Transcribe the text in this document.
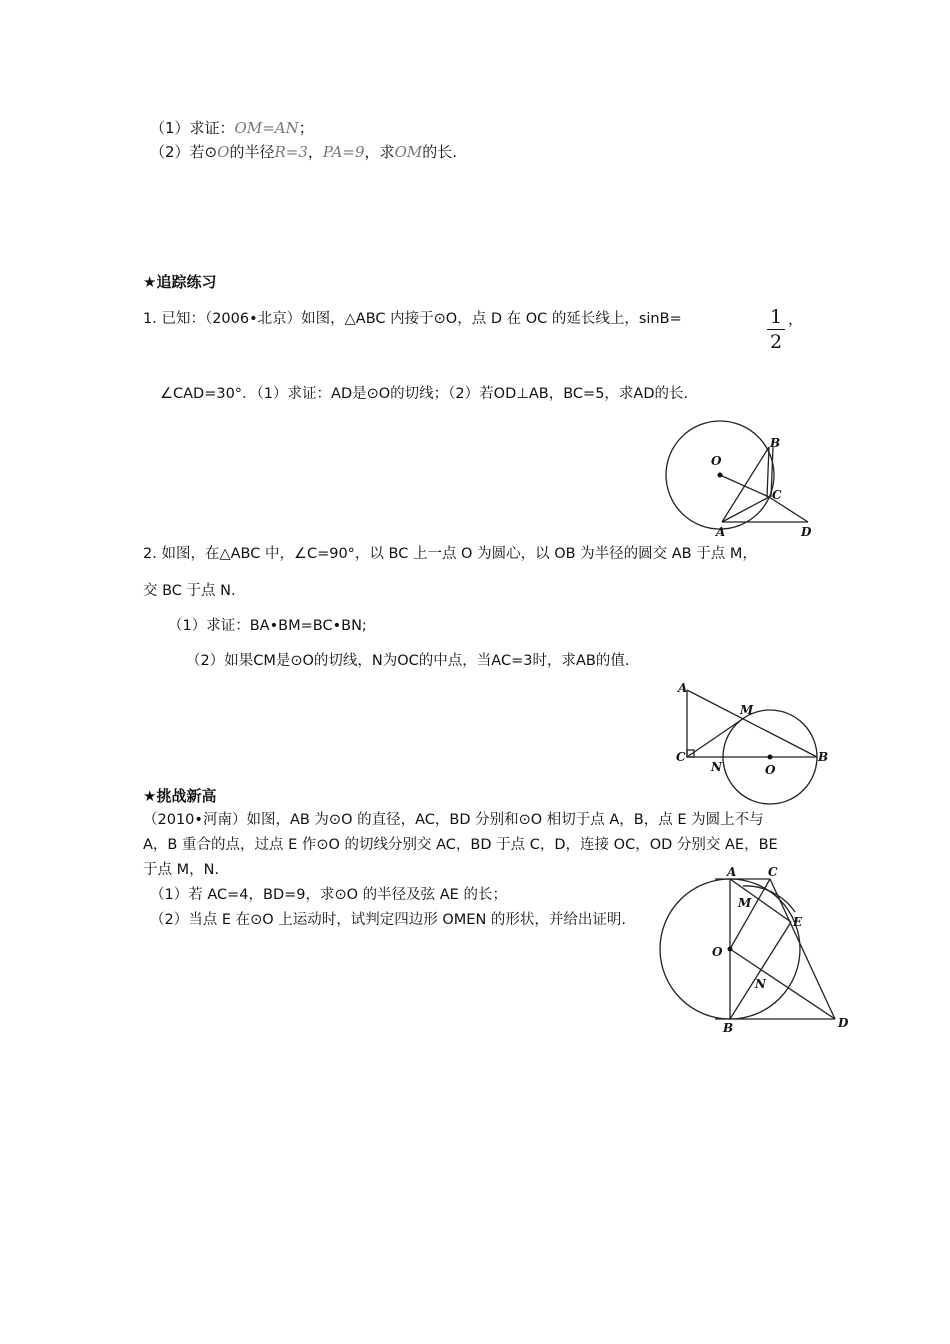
（1）求证：OM=AN；
（2）若⊙O的半径R=3，PA=9，求OM的长.
★追踪练习
1. 已知：（2006•北京）如图，△ABC 内接于⊙O，点 D 在 OC 的延长线上，sinB=	1
2
，
∠CAD=30°．（1）求证：AD是⊙O的切线；（2）若OD⊥AB，BC=5，求AD的长.
O
B
C
A	D
2. 如图，在△ABC 中，∠C=90°，以 BC 上一点 O 为圆心，以 OB 为半径的圆交 AB 于点 M，
交 BC 于点 N.
（1）求证：BA•BM=BC•BN;
（2）如果CM是⊙O的切线，N为OC的中点，当AC=3时，求AB的值.
A
M
C
N	O
B
★挑战新高
（2010•河南）如图，AB 为⊙O 的直径，AC，BD 分别和⊙O 相切于点 A，B，点 E 为圆上不与
A，B 重合的点，过点 E 作⊙O 的切线分别交 AC，BD 于点 C，D，连接 OC，OD 分别交 AE，BE
于点 M，N.
（1）若 AC=4，BD=9，求⊙O 的半径及弦 AE 的长；
（2）当点 E 在⊙O 上运动时，试判定四边形 OMEN 的形状，并给出证明.
A	C
M
E
O
N
B	D
